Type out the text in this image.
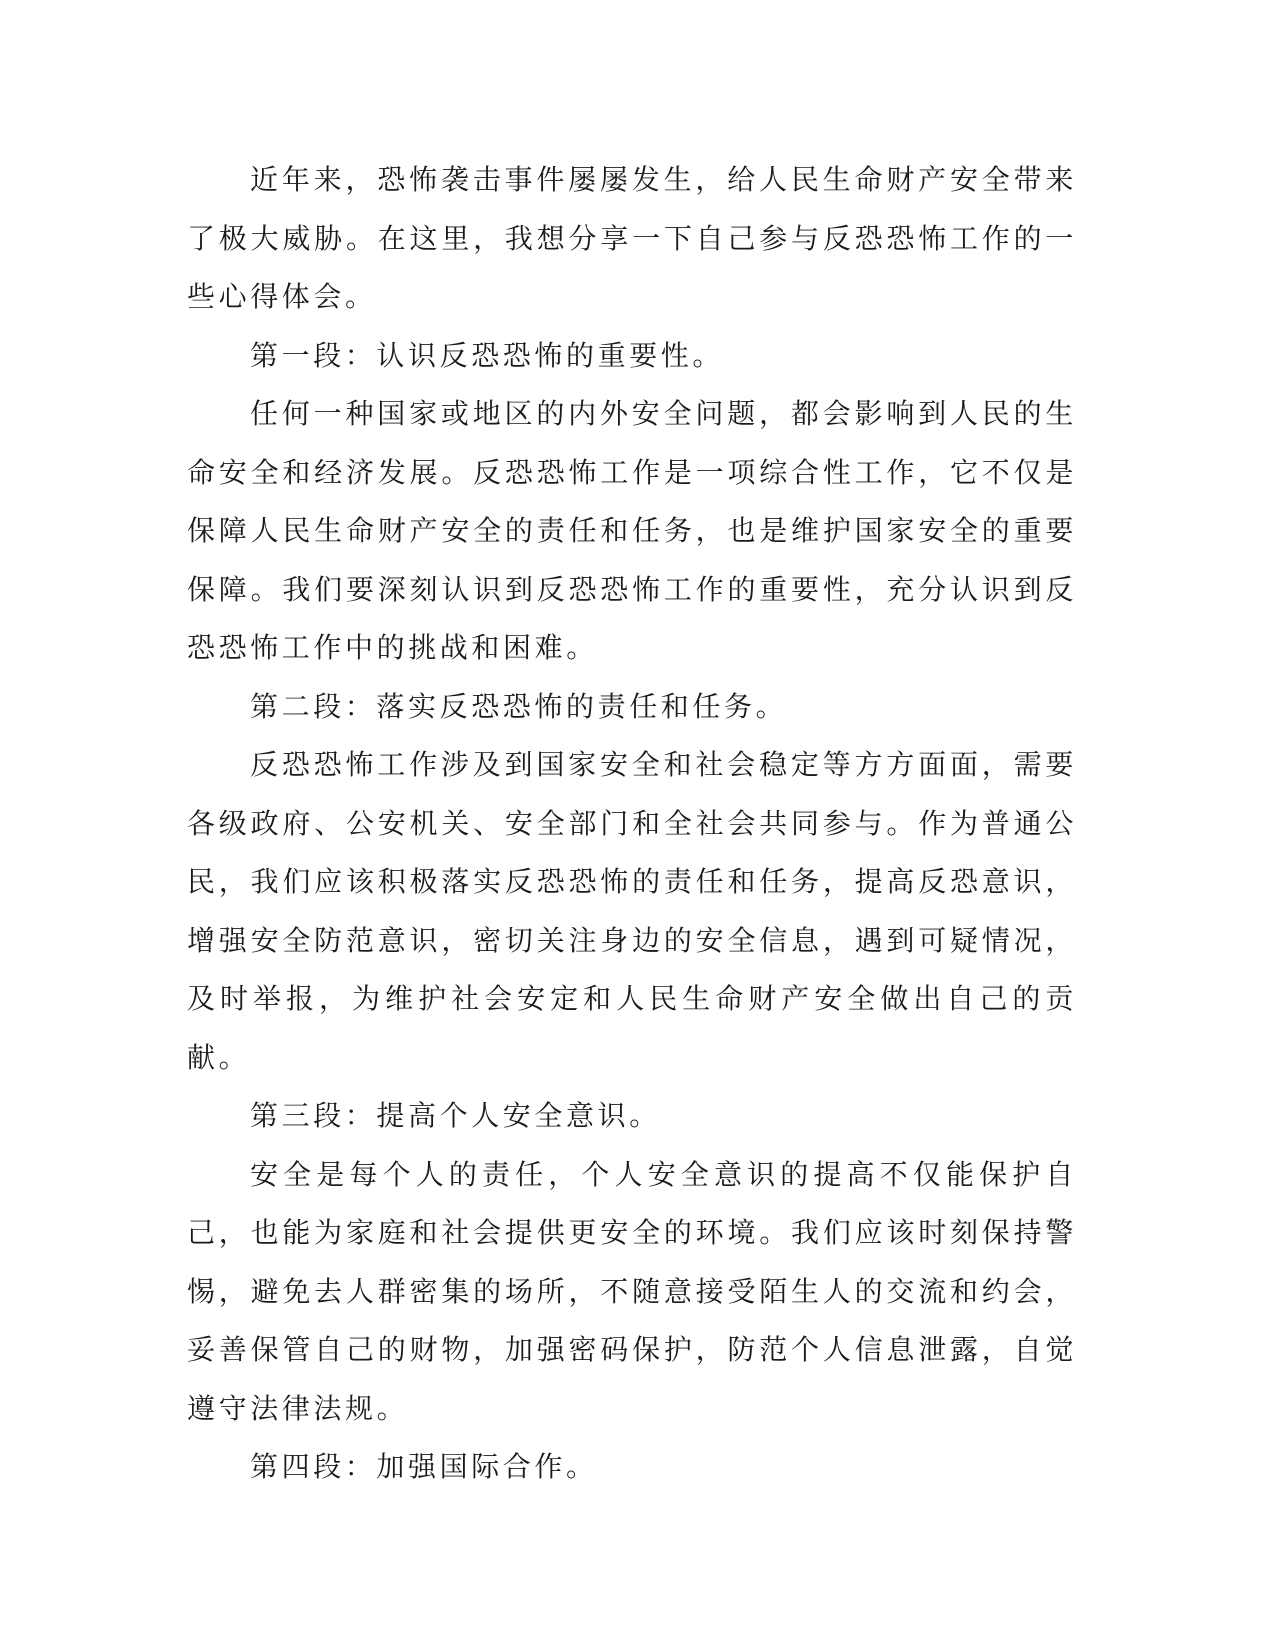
近年来，恐怖袭击事件屡屡发生，给人民生命财产安全带来了极大威胁。在这里，我想分享一下自己参与反恐恐怖工作的一些心得体会。

第一段：认识反恐恐怖的重要性。

任何一种国家或地区的内外安全问题，都会影响到人民的生命安全和经济发展。反恐恐怖工作是一项综合性工作，它不仅是保障人民生命财产安全的责任和任务，也是维护国家安全的重要保障。我们要深刻认识到反恐恐怖工作的重要性，充分认识到反恐恐怖工作中的挑战和困难。

第二段：落实反恐恐怖的责任和任务。

反恐恐怖工作涉及到国家安全和社会稳定等方方面面，需要各级政府、公安机关、安全部门和全社会共同参与。作为普通公民，我们应该积极落实反恐恐怖的责任和任务，提高反恐意识，增强安全防范意识，密切关注身边的安全信息，遇到可疑情况，及时举报，为维护社会安定和人民生命财产安全做出自己的贡献。

第三段：提高个人安全意识。

安全是每个人的责任，个人安全意识的提高不仅能保护自己，也能为家庭和社会提供更安全的环境。我们应该时刻保持警惕，避免去人群密集的场所，不随意接受陌生人的交流和约会，妥善保管自己的财物，加强密码保护，防范个人信息泄露，自觉遵守法律法规。

第四段：加强国际合作。
